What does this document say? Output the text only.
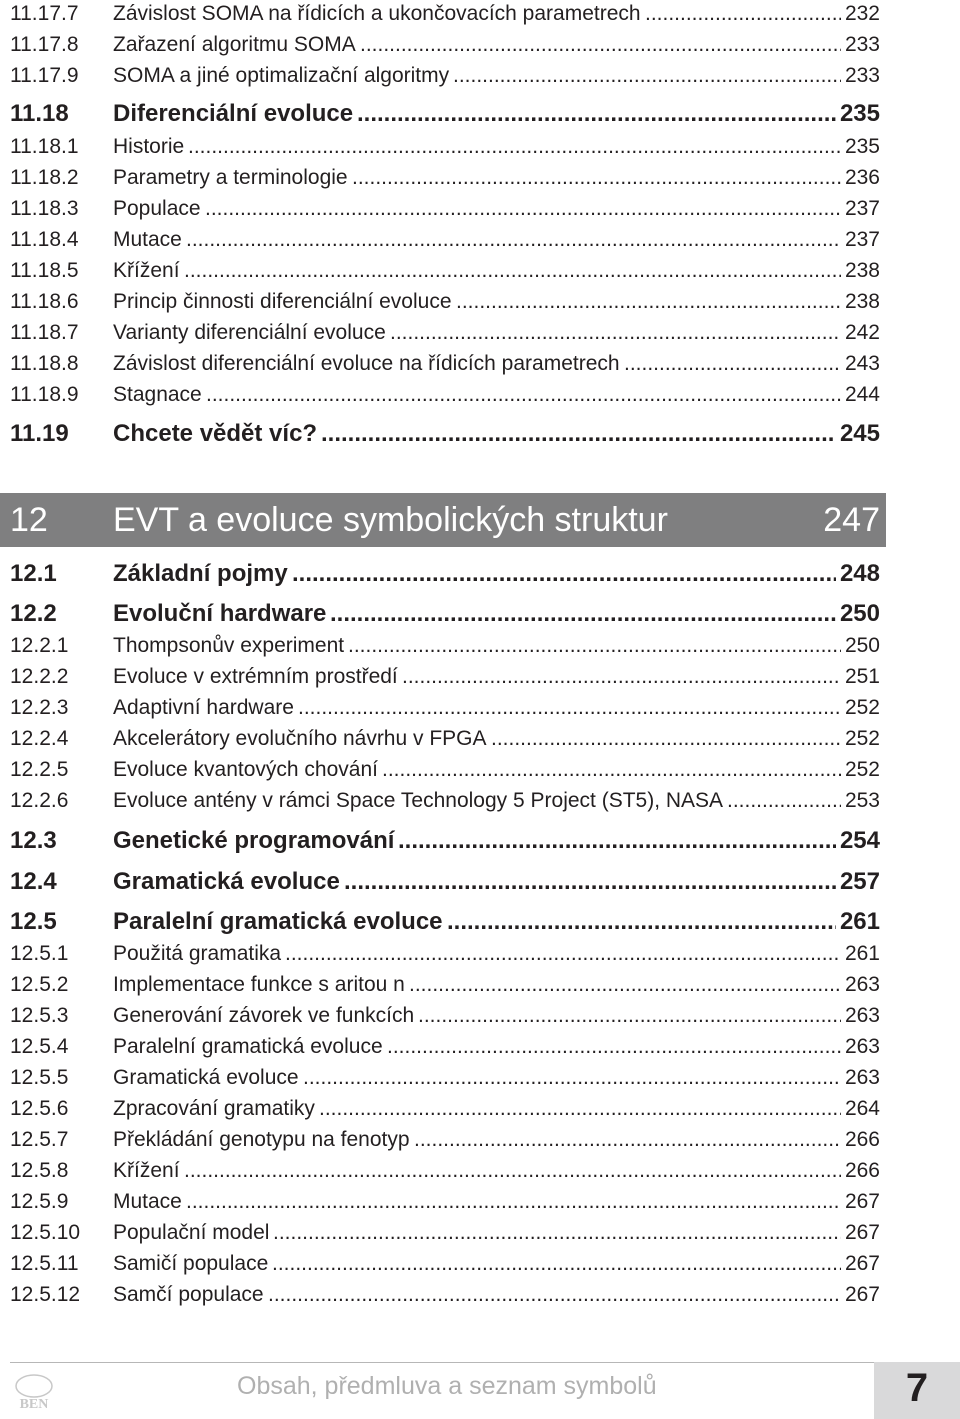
11.17.7 Závislost SOMA na řídicích a ukončovacích parametrech .....	232
11.17.8 Zařazení algoritmu SOMA .....	233
11.17.9 SOMA a jiné optimalizační algoritmy .....	233
11.18 Diferenciální evoluce .....	235
11.18.1 Historie .....	235
11.18.2 Parametry a terminologie .....	236
11.18.3 Populace .....	237
11.18.4 Mutace .....	237
11.18.5 Křížení .....	238
11.18.6 Princip činnosti diferenciální evoluce .....	238
11.18.7 Varianty diferenciální evoluce .....	242
11.18.8 Závislost diferenciální evoluce na řídicích parametrech .....	243
11.18.9 Stagnace .....	244
11.19 Chcete vědět víc? .....	245
12.1 Základní pojmy .....	248
12.2 Evoluční hardware .....	250
12.2.1 Thompsonův experiment .....	250
12.2.2 Evoluce v extrémním prostředí .....	251
12.2.3 Adaptivní hardware .....	252
12.2.4 Akcelerátory evolučního návrhu v FPGA .....	252
12.2.5 Evoluce kvantových chování .....	252
12.2.6 Evoluce antény v rámci Space Technology 5 Project (ST5), NASA .....	253
12.3 Genetické programování .....	254
12.4 Gramatická evoluce .....	257
12.5 Paralelní gramatická evoluce .....	261
12.5.1 Použitá gramatika .....	261
12.5.2 Implementace funkce s aritou n .....	263
12.5.3 Generování závorek ve funkcích .....	263
12.5.4 Paralelní gramatická evoluce .....	263
12.5.5 Gramatická evoluce .....	263
12.5.6 Zpracování gramatiky .....	264
12.5.7 Překládání genotypu na fenotyp .....	266
12.5.8 Křížení .....	266
12.5.9 Mutace .....	267
12.5.10 Populační model .....	267
12.5.11 Samičí populace .....	267
12.5.12 Samčí populace .....	267
12 EVT a evoluce symbolických struktur	247
BEN
Obsah, předmluva a seznam symbolů	7
